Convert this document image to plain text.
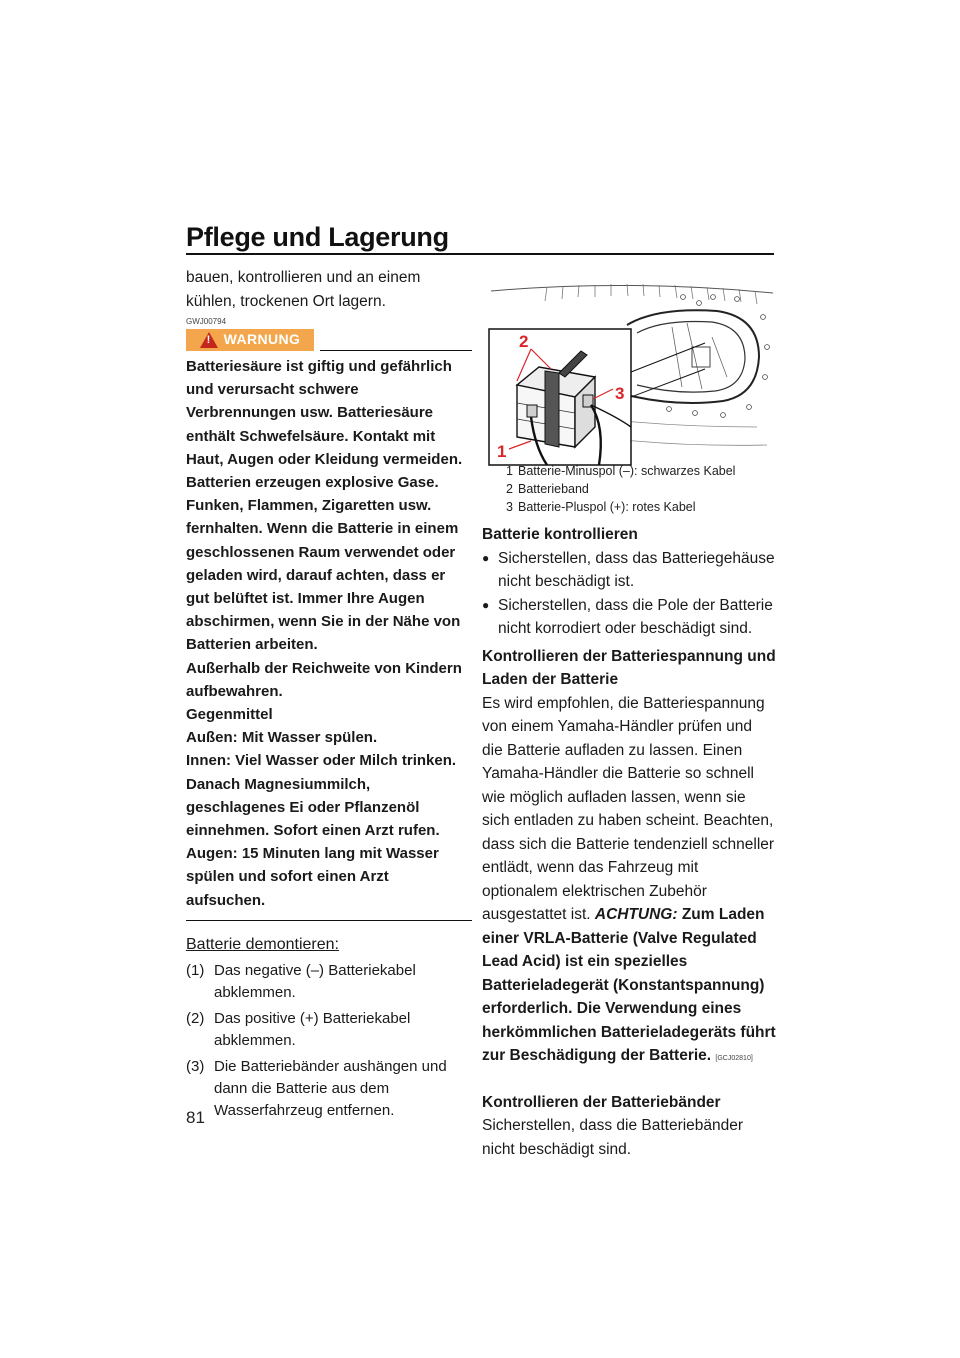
Pflege und Lagerung

bauen, kontrollieren und an einem kühlen, trockenen Ort lagern.

GWJ00794
! WARNUNG

Batteriesäure ist giftig und gefährlich und verursacht schwere Verbrennungen usw. Batteriesäure enthält Schwefelsäure. Kontakt mit Haut, Augen oder Kleidung vermeiden.

Batterien erzeugen explosive Gase. Funken, Flammen, Zigaretten usw. fernhalten. Wenn die Batterie in einem geschlossenen Raum verwendet oder geladen wird, darauf achten, dass er gut belüftet ist. Immer Ihre Augen abschirmen, wenn Sie in der Nähe von Batterien arbeiten.

Außerhalb der Reichweite von Kindern aufbewahren.

Gegenmittel

Außen: Mit Wasser spülen.

Innen: Viel Wasser oder Milch trinken. Danach Magnesiummilch, geschlagenes Ei oder Pflanzenöl einnehmen. Sofort einen Arzt rufen.

Augen: 15 Minuten lang mit Wasser spülen und sofort einen Arzt aufsuchen.

Batterie demontieren:
(1) Das negative (–) Batteriekabel abklemmen.
(2) Das positive (+) Batteriekabel abklemmen.
(3) Die Batteriebänder aushängen und dann die Batterie aus dem Wasserfahrzeug entfernen.
2
3
1
1 Batterie-Minuspol (–): schwarzes Kabel
2 Batterieband
3 Batterie-Pluspol (+): rotes Kabel

Batterie kontrollieren

● Sicherstellen, dass das Batteriegehäuse nicht beschädigt ist.
● Sicherstellen, dass die Pole der Batterie nicht korrodiert oder beschädigt sind.

Kontrollieren der Batteriespannung und Laden der Batterie

Es wird empfohlen, die Batteriespannung von einem Yamaha-Händler prüfen und die Batterie aufladen zu lassen. Einen Yamaha-Händler die Batterie so schnell wie möglich aufladen lassen, wenn sie sich entladen zu haben scheint. Beachten, dass sich die Batterie tendenziell schneller entlädt, wenn das Fahrzeug mit optionalem elektrischen Zubehör ausgestattet ist. ACHTUNG: Zum Laden einer VRLA-Batterie (Valve Regulated Lead Acid) ist ein spezielles Batterieladegerät (Konstantspannung) erforderlich. Die Verwendung eines herkömmlichen Batterieladegeräts führt zur Beschädigung der Batterie. [GCJ02810]

Kontrollieren der Batteriebänder

Sicherstellen, dass die Batteriebänder nicht beschädigt sind.

81
